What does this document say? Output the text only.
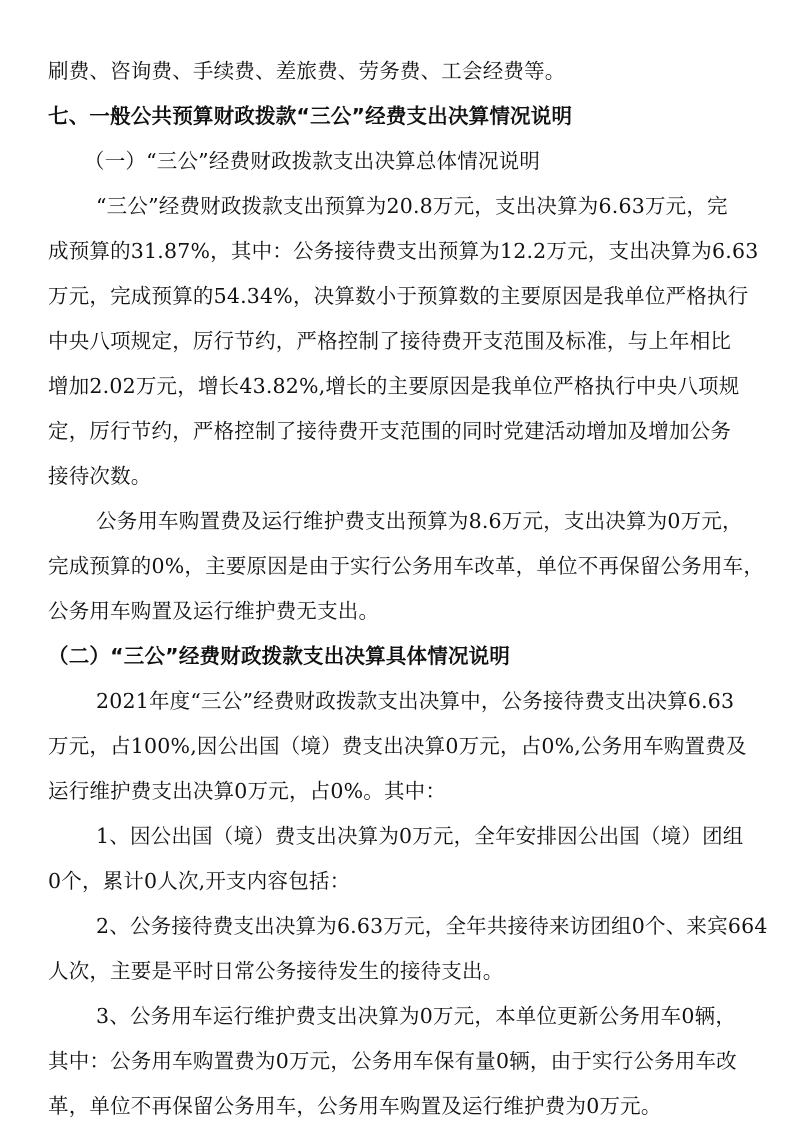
刷费、咨询费、手续费、差旅费、劳务费、工会经费等。
七、一般公共预算财政拨款“三公”经费支出决算情况说明
（一）“三公”经费财政拨款支出决算总体情况说明
“三公”经费财政拨款支出预算为20.8万元，支出决算为6.63万元，完
成预算的31.87%，其中：公务接待费支出预算为12.2万元，支出决算为6.63
万元，完成预算的54.34%，决算数小于预算数的主要原因是我单位严格执行
中央八项规定，厉行节约，严格控制了接待费开支范围及标准，与上年相比
增加2.02万元，增长43.82%,增长的主要原因是我单位严格执行中央八项规
定，厉行节约，严格控制了接待费开支范围的同时党建活动增加及增加公务
接待次数。
公务用车购置费及运行维护费支出预算为8.6万元，支出决算为0万元，
完成预算的0%，主要原因是由于实行公务用车改革，单位不再保留公务用车，
公务用车购置及运行维护费无支出。
（二）“三公”经费财政拨款支出决算具体情况说明
2021年度“三公”经费财政拨款支出决算中，公务接待费支出决算6.63
万元，占100%,因公出国（境）费支出决算0万元，占0%,公务用车购置费及
运行维护费支出决算0万元，占0%。其中：
1、因公出国（境）费支出决算为0万元，全年安排因公出国（境）团组
0个，累计0人次,开支内容包括：
2、公务接待费支出决算为6.63万元，全年共接待来访团组0个、来宾664
人次，主要是平时日常公务接待发生的接待支出。
3、公务用车运行维护费支出决算为0万元，本单位更新公务用车0辆，
其中：公务用车购置费为0万元，公务用车保有量0辆，由于实行公务用车改
革，单位不再保留公务用车，公务用车购置及运行维护费为0万元。
